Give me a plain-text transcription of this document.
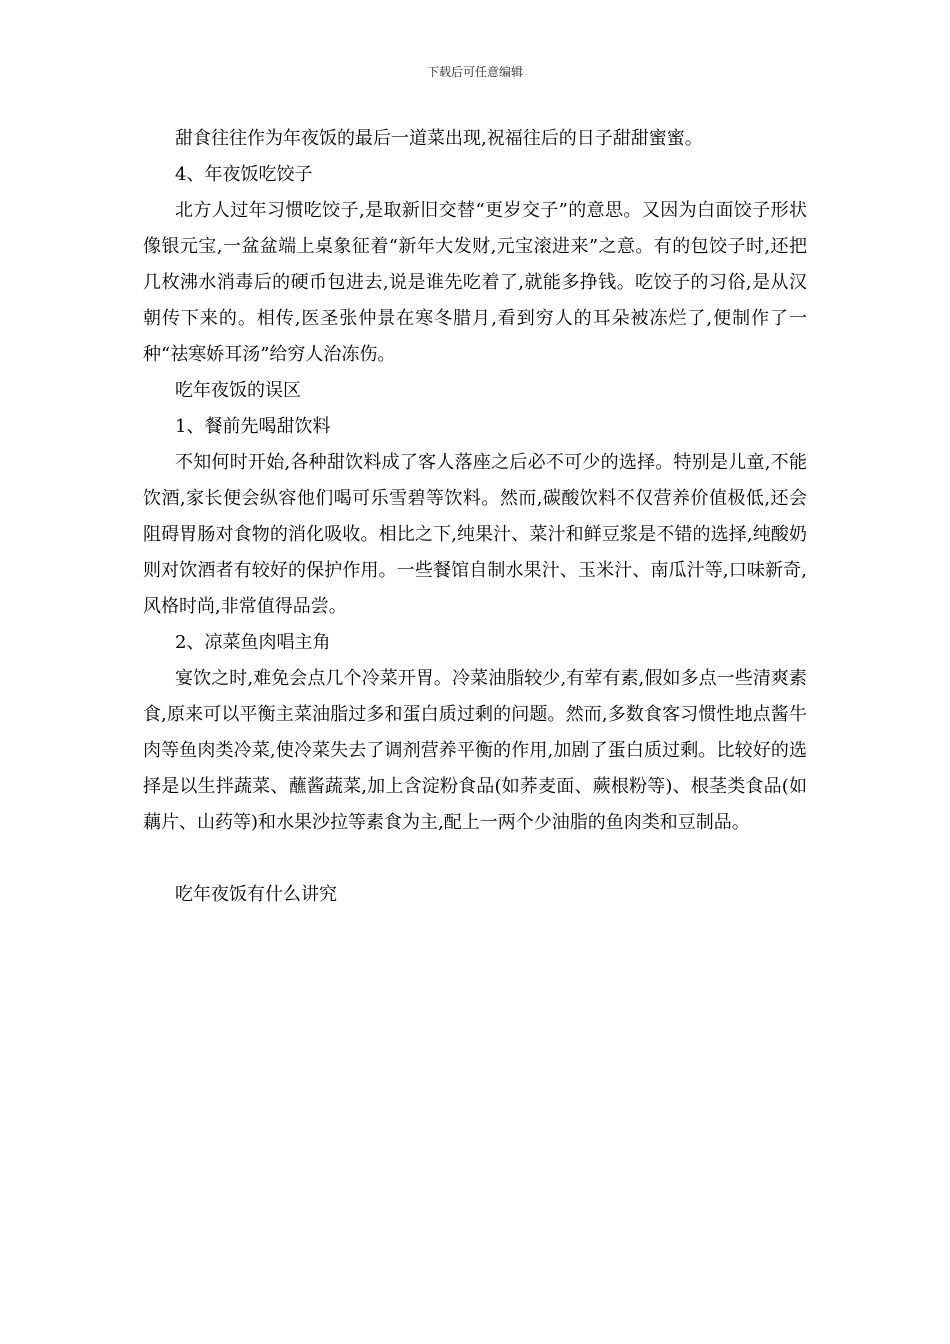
下载后可任意编辑

甜食往往作为年夜饭的最后一道菜出现,祝福往后的日子甜甜蜜蜜。

4、年夜饭吃饺子

北方人过年习惯吃饺子,是取新旧交替“更岁交子”的意思。又因为白面饺子形状像银元宝,一盆盆端上桌象征着“新年大发财,元宝滚进来”之意。有的包饺子时,还把几枚沸水消毒后的硬币包进去,说是谁先吃着了,就能多挣钱。吃饺子的习俗,是从汉朝传下来的。相传,医圣张仲景在寒冬腊月,看到穷人的耳朵被冻烂了,便制作了一种“祛寒娇耳汤”给穷人治冻伤。

吃年夜饭的误区

1、餐前先喝甜饮料

不知何时开始,各种甜饮料成了客人落座之后必不可少的选择。特别是儿童,不能饮酒,家长便会纵容他们喝可乐雪碧等饮料。然而,碳酸饮料不仅营养价值极低,还会阻碍胃肠对食物的消化吸收。相比之下,纯果汁、菜汁和鲜豆浆是不错的选择,纯酸奶则对饮酒者有较好的保护作用。一些餐馆自制水果汁、玉米汁、南瓜汁等,口味新奇,风格时尚,非常值得品尝。

2、凉菜鱼肉唱主角

宴饮之时,难免会点几个冷菜开胃。冷菜油脂较少,有荤有素,假如多点一些清爽素食,原来可以平衡主菜油脂过多和蛋白质过剩的问题。然而,多数食客习惯性地点酱牛肉等鱼肉类冷菜,使冷菜失去了调剂营养平衡的作用,加剧了蛋白质过剩。比较好的选择是以生拌蔬菜、蘸酱蔬菜,加上含淀粉食品(如荞麦面、蕨根粉等)、根茎类食品(如藕片、山药等)和水果沙拉等素食为主,配上一两个少油脂的鱼肉类和豆制品。

吃年夜饭有什么讲究
